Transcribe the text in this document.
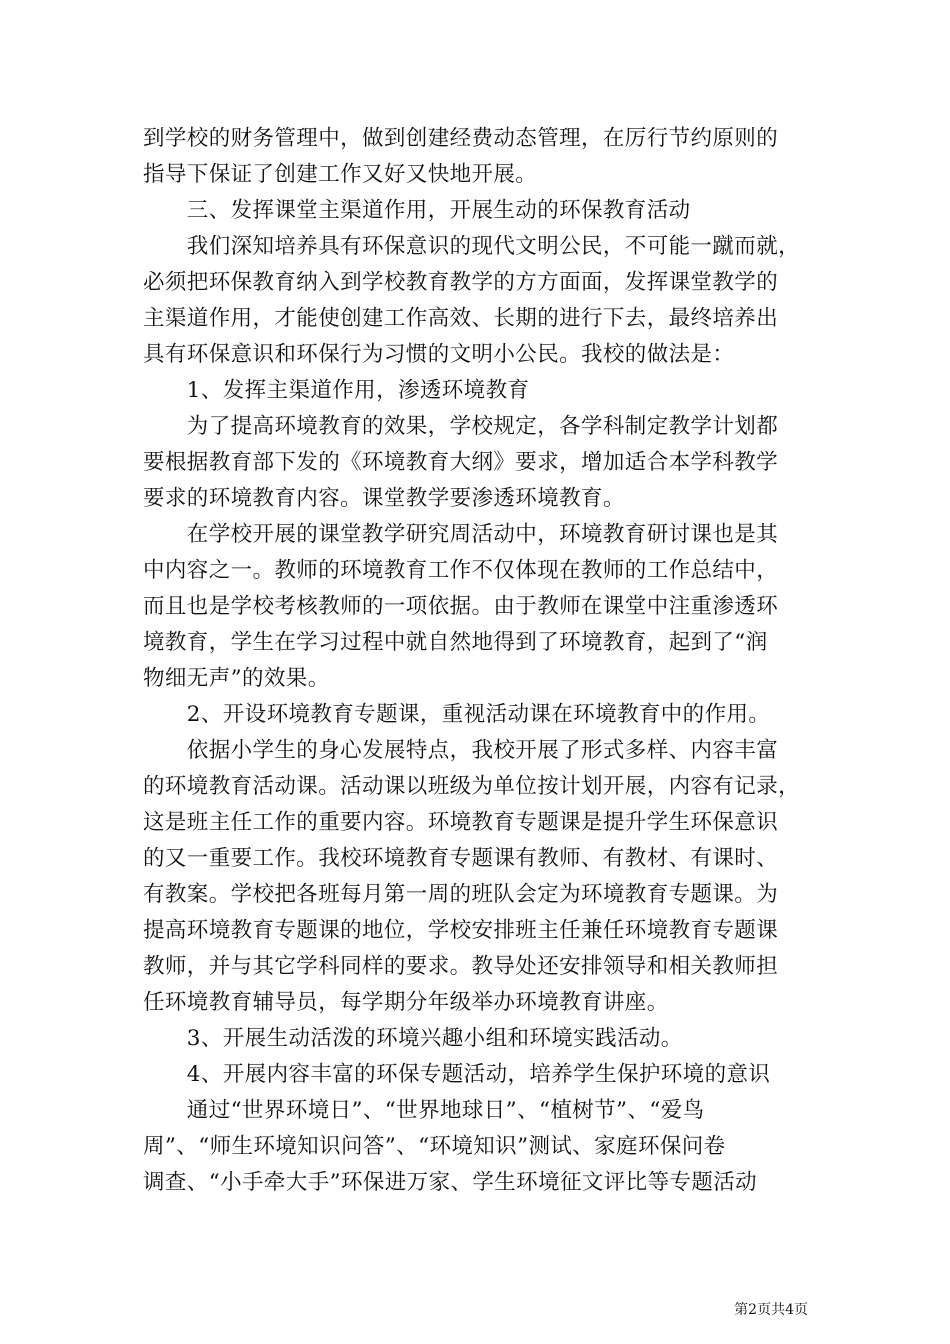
到学校的财务管理中，做到创建经费动态管理，在厉行节约原则的
指导下保证了创建工作又好又快地开展。
　　三、发挥课堂主渠道作用，开展生动的环保教育活动
　　我们深知培养具有环保意识的现代文明公民，不可能一蹴而就，
必须把环保教育纳入到学校教育教学的方方面面，发挥课堂教学的
主渠道作用，才能使创建工作高效、长期的进行下去，最终培养出
具有环保意识和环保行为习惯的文明小公民。我校的做法是：
　　1、发挥主渠道作用，渗透环境教育
　　为了提高环境教育的效果，学校规定，各学科制定教学计划都
要根据教育部下发的《环境教育大纲》要求，增加适合本学科教学
要求的环境教育内容。课堂教学要渗透环境教育。
　　在学校开展的课堂教学研究周活动中，环境教育研讨课也是其
中内容之一。教师的环境教育工作不仅体现在教师的工作总结中，
而且也是学校考核教师的一项依据。由于教师在课堂中注重渗透环
境教育，学生在学习过程中就自然地得到了环境教育，起到了“润
物细无声”的效果。
　　2、开设环境教育专题课，重视活动课在环境教育中的作用。
　　依据小学生的身心发展特点，我校开展了形式多样、内容丰富
的环境教育活动课。活动课以班级为单位按计划开展，内容有记录，
这是班主任工作的重要内容。环境教育专题课是提升学生环保意识
的又一重要工作。我校环境教育专题课有教师、有教材、有课时、
有教案。学校把各班每月第一周的班队会定为环境教育专题课。为
提高环境教育专题课的地位，学校安排班主任兼任环境教育专题课
教师，并与其它学科同样的要求。教导处还安排领导和相关教师担
任环境教育辅导员，每学期分年级举办环境教育讲座。
　　3、开展生动活泼的环境兴趣小组和环境实践活动。
　　4、开展内容丰富的环保专题活动，培养学生保护环境的意识
　　通过“世界环境日”、“世界地球日”、“植树节”、“爱鸟
周”、“师生环境知识问答”、“环境知识”测试、家庭环保问卷
调查、“小手牵大手”环保进万家、学生环境征文评比等专题活动
第2页共4页
